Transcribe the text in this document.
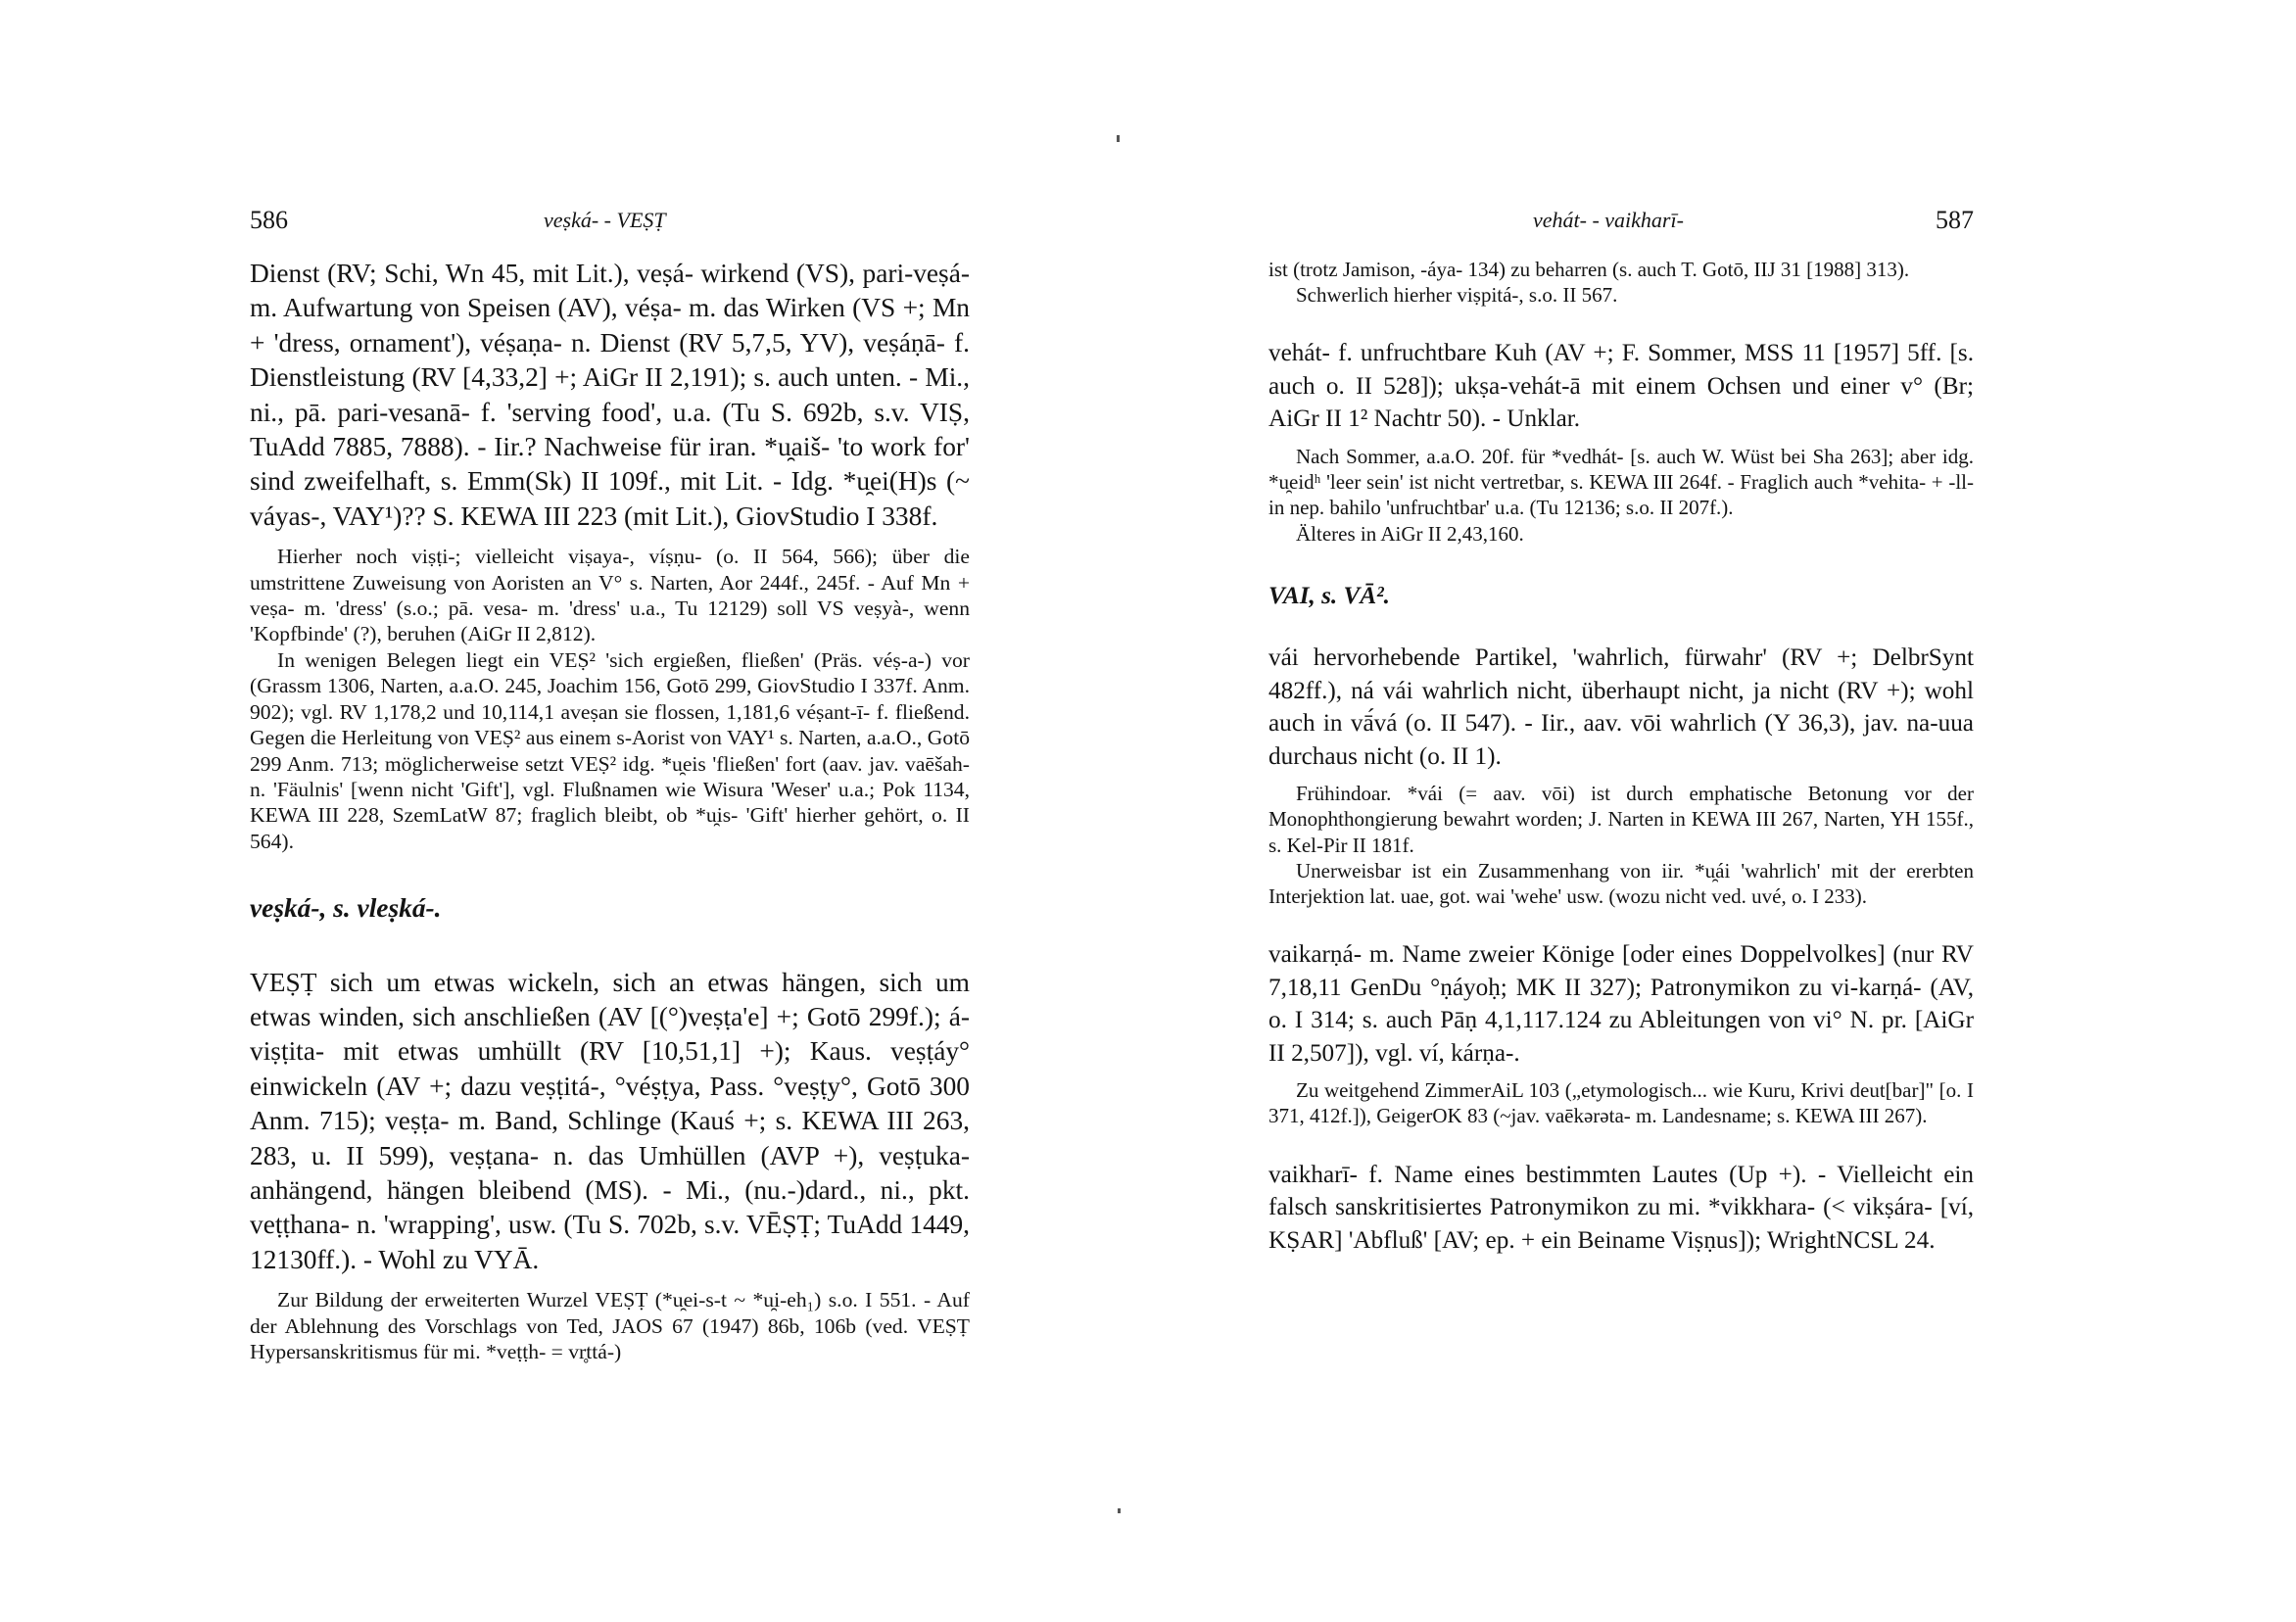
586	veṣká- - VEṢṬ

Dienst (RV; Schi, Wn 45, mit Lit.), veṣá- wirkend (VS), pari-veṣá- m. Aufwartung von Speisen (AV), véṣa- m. das Wirken (VS +; Mn + 'dress, ornament'), véṣaṇa- n. Dienst (RV 5,7,5, YV), veṣáṇā- f. Dienstleistung (RV [4,33,2] +; AiGr II 2,191); s. auch unten. - Mi., ni., pā. pari-vesanā- f. 'serving food', u.a. (Tu S. 692b, s.v. VIṢ, TuAdd 7885, 7888). - Iir.? Nachweise für iran. *u̯aiš- 'to work for' sind zweifelhaft, s. Emm(Sk) II 109f., mit Lit. - Idg. *u̯ei(H)s (~ váyas-, VAY¹)?? S. KEWA III 223 (mit Lit.), GiovStudio I 338f.

Hierher noch viṣṭi-; vielleicht viṣaya-, víṣṇu- (o. II 564, 566); über die umstrittene Zuweisung von Aoristen an V° s. Narten, Aor 244f., 245f. - Auf Mn + veṣa- m. 'dress' (s.o.; pā. vesa- m. 'dress' u.a., Tu 12129) soll VS veṣyà-, wenn 'Kopfbinde' (?), beruhen (AiGr II 2,812).

In wenigen Belegen liegt ein VEṢ² 'sich ergießen, fließen' (Präs. véṣ-a-) vor (Grassm 1306, Narten, a.a.O. 245, Joachim 156, Gotō 299, GiovStudio I 337f. Anm. 902); vgl. RV 1,178,2 und 10,114,1 aveṣan sie flossen, 1,181,6 véṣant-ī- f. fließend. Gegen die Herleitung von VEṢ² aus einem s-Aorist von VAY¹ s. Narten, a.a.O., Gotō 299 Anm. 713; möglicherweise setzt VEṢ² idg. *u̯eis 'fließen' fort (aav. jav. vaēšah- n. 'Fäulnis' [wenn nicht 'Gift'], vgl. Flußnamen wie Wisura 'Weser' u.a.; Pok 1134, KEWA III 228, SzemLatW 87; fraglich bleibt, ob *u̯is- 'Gift' hierher gehört, o. II 564).

veṣká-, s. vleṣká-.

VEṢṬ sich um etwas wickeln, sich an etwas hängen, sich um etwas winden, sich anschließen (AV [(°)veṣṭa'e] +; Gotō 299f.); á-viṣṭita- mit etwas umhüllt (RV [10,51,1] +); Kaus. veṣṭáy° einwickeln (AV +; dazu veṣṭitá-, °véṣṭya, Pass. °veṣṭy°, Gotō 300 Anm. 715); veṣṭa- m. Band, Schlinge (Kauś +; s. KEWA III 263, 283, u. II 599), veṣṭana- n. das Umhüllen (AVP +), veṣṭuka- anhängend, hängen bleibend (MS). - Mi., (nu.-)dard., ni., pkt. veṭṭhana- n. 'wrapping', usw. (Tu S. 702b, s.v. VĒṢṬ; TuAdd 1449, 12130ff.). - Wohl zu VYĀ.

Zur Bildung der erweiterten Wurzel VEṢṬ (*u̯ei-s-t ~ *u̯i-eh₁) s.o. I 551. - Auf der Ablehnung des Vorschlags von Ted, JAOS 67 (1947) 86b, 106b (ved. VEṢṬ Hypersanskritismus für mi. *veṭṭh- = vr̥ttá-)

vehát- - vaikharī-	587

ist (trotz Jamison, -áya- 134) zu beharren (s. auch T. Gotō, IIJ 31 [1988] 313).

Schwerlich hierher viṣpitá-, s.o. II 567.

vehát- f. unfruchtbare Kuh (AV +; F. Sommer, MSS 11 [1957] 5ff. [s. auch o. II 528]); ukṣa-vehát-ā mit einem Ochsen und einer v° (Br; AiGr II 1² Nachtr 50). - Unklar.

Nach Sommer, a.a.O. 20f. für *vedhát- [s. auch W. Wüst bei Sha 263]; aber idg. *u̯eidʰ 'leer sein' ist nicht vertretbar, s. KEWA III 264f. - Fraglich auch *vehita- + -ll- in nep. bahilo 'unfruchtbar' u.a. (Tu 12136; s.o. II 207f.).

Älteres in AiGr II 2,43,160.

VAI, s. VĀ².

vái hervorhebende Partikel, 'wahrlich, fürwahr' (RV +; DelbrSynt 482ff.), ná vái wahrlich nicht, überhaupt nicht, ja nicht (RV +); wohl auch in vā́vá (o. II 547). - Iir., aav. vōi wahrlich (Y 36,3), jav. na-uua durchaus nicht (o. II 1).

Frühindoar. *vái (= aav. vōi) ist durch emphatische Betonung vor der Monophthongierung bewahrt worden; J. Narten in KEWA III 267, Narten, YH 155f., s. Kel-Pir II 181f.

Unerweisbar ist ein Zusammenhang von iir. *u̯ái 'wahrlich' mit der ererbten Interjektion lat. uae, got. wai 'wehe' usw. (wozu nicht ved. uvé, o. I 233).

vaikarṇá- m. Name zweier Könige [oder eines Doppelvolkes] (nur RV 7,18,11 GenDu °ṇáyoḥ; MK II 327); Patronymikon zu vi-karṇá- (AV, o. I 314; s. auch Pāṇ 4,1,117.124 zu Ableitungen von vi° N. pr. [AiGr II 2,507]), vgl. ví, kárṇa-.

Zu weitgehend ZimmerAiL 103 („etymologisch... wie Kuru, Krivi deut[bar]" [o. I 371, 412f.]), GeigerOK 83 (~jav. vaēkərəta- m. Landesname; s. KEWA III 267).

vaikharī- f. Name eines bestimmten Lautes (Up +). - Vielleicht ein falsch sanskritisiertes Patronymikon zu mi. *vikkhara- (< vikṣára- [ví, KṢAR] 'Abfluß' [AV; ep. + ein Beiname Viṣṇus]); WrightNCSL 24.
